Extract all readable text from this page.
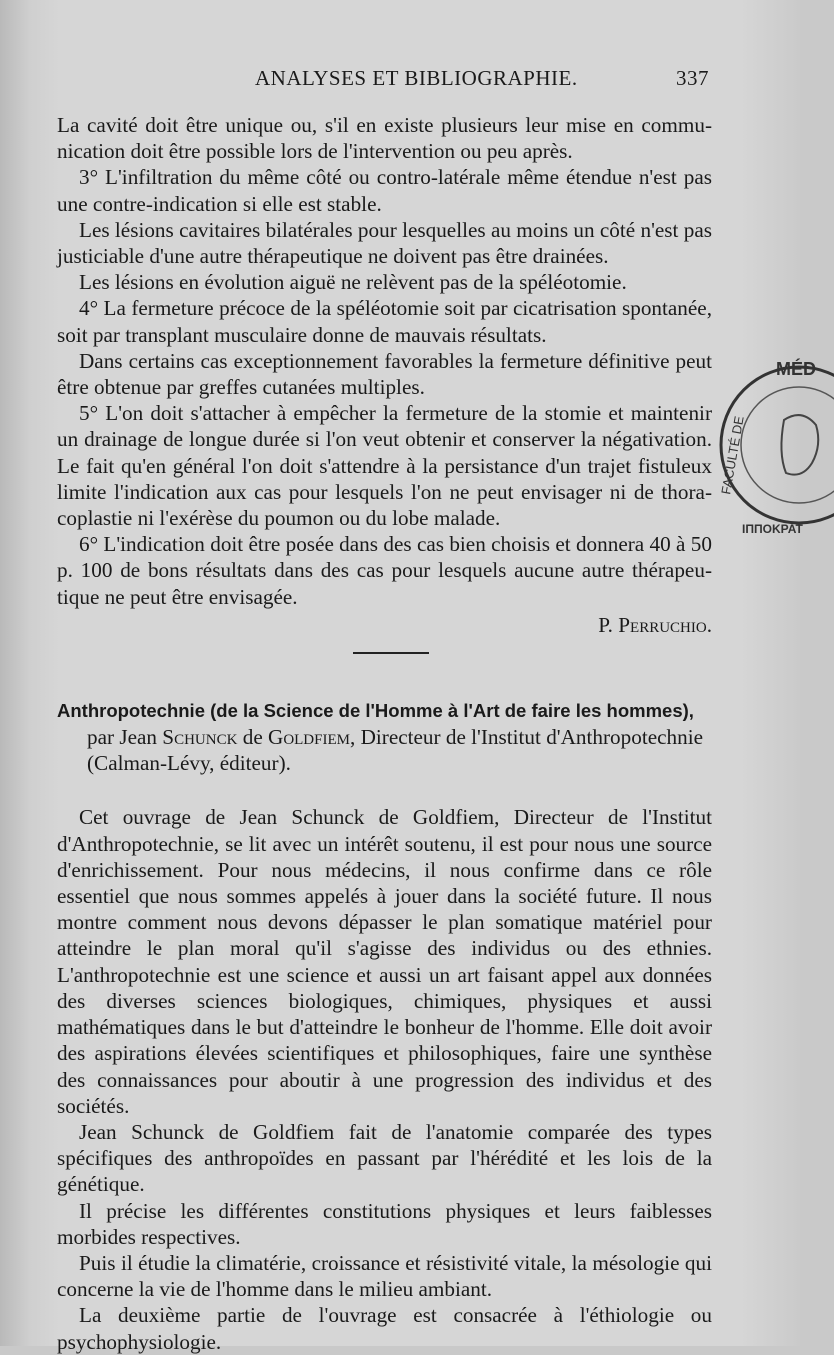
ANALYSES ET BIBLIOGRAPHIE.	337

La cavité doit être unique ou, s'il en existe plusieurs leur mise en communication doit être possible lors de l'intervention ou peu après.

3° L'infiltration du même côté ou contro-latérale même étendue n'est pas une contre-indication si elle est stable.

Les lésions cavitaires bilatérales pour lesquelles au moins un côté n'est pas justiciable d'une autre thérapeutique ne doivent pas être drainées.

Les lésions en évolution aiguë ne relèvent pas de la spéléotomie.

4° La fermeture précoce de la spéléotomie soit par cicatrisation spontanée, soit par transplant musculaire donne de mauvais résultats.

Dans certains cas exceptionnement favorables la fermeture définitive peut être obtenue par greffes cutanées multiples.

5° L'on doit s'attacher à empêcher la fermeture de la stomie et maintenir un drainage de longue durée si l'on veut obtenir et conserver la négativation. Le fait qu'en général l'on doit s'attendre à la persistance d'un trajet fistuleux limite l'indication aux cas pour lesquels l'on ne peut envisager ni de thoracoplastie ni l'exérèse du poumon ou du lobe malade.

6° L'indication doit être posée dans des cas bien choisis et donnera 40 à 50 p. 100 de bons résultats dans des cas pour lesquels aucune autre thérapeutique ne peut être envisagée.

P. Perruchio.

Anthropotechnie (de la Science de l'Homme à l'Art de faire les hommes),
par Jean Schunck de Goldfiem, Directeur de l'Institut d'Anthropotechnie
(Calman-Lévy, éditeur).

Cet ouvrage de Jean Schunck de Goldfiem, Directeur de l'Institut d'Anthropotechnie, se lit avec un intérêt soutenu, il est pour nous une source d'enrichissement. Pour nous médecins, il nous confirme dans ce rôle essentiel que nous sommes appelés à jouer dans la société future. Il nous montre comment nous devons dépasser le plan somatique matériel pour atteindre le plan moral qu'il s'agisse des individus ou des ethnies. L'anthropotechnie est une science et aussi un art faisant appel aux données des diverses sciences biologiques, chimiques, physiques et aussi mathématiques dans le but d'atteindre le bonheur de l'homme. Elle doit avoir des aspirations élevées scientifiques et philosophiques, faire une synthèse des connaissances pour aboutir à une progression des individus et des sociétés.

Jean Schunck de Goldfiem fait de l'anatomie comparée des types spécifiques des anthropoïdes en passant par l'hérédité et les lois de la génétique.

Il précise les différentes constitutions physiques et leurs faiblesses morbides respectives.

Puis il étudie la climatérie, croissance et résistivité vitale, la mésologie qui concerne la vie de l'homme dans le milieu ambiant.

La deuxième partie de l'ouvrage est consacrée à l'éthiologie ou psychophysiologie.

MÉD
FACULTÉ DE
ΙΠΠΟΚΡΑΤ
